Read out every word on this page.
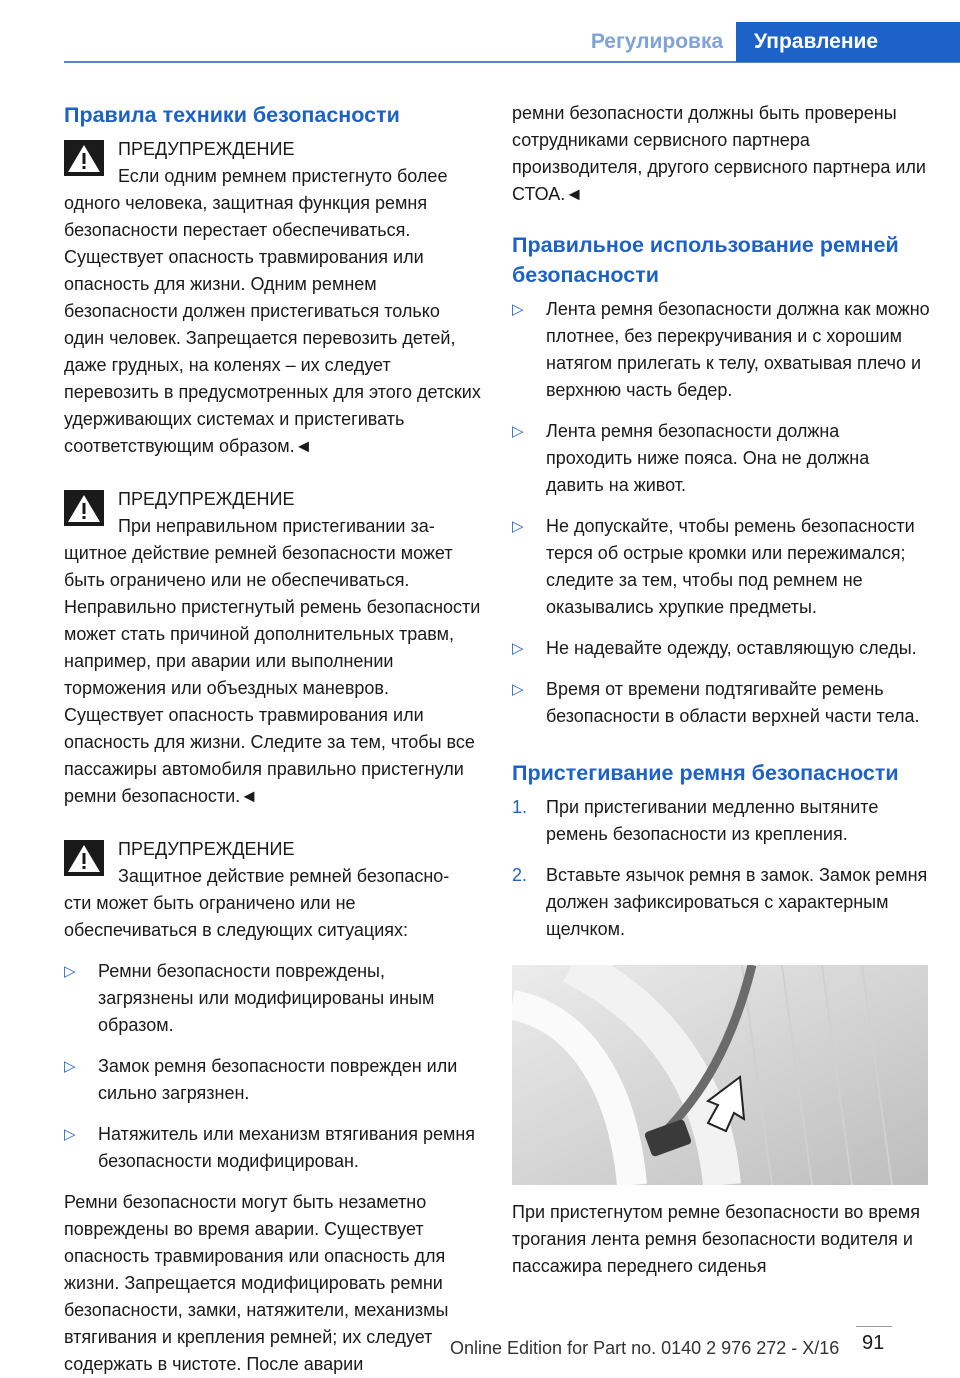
Регулировка	Управление
Правила техники безопасности
ПРЕДУПРЕЖДЕНИЕ
Если одним ремнем пристегнуто более
одного человека, защитная функция ремня безопасности перестает обеспечиваться. Существует опасность травмирования или опасность для жизни. Одним ремнем безопасности должен пристегиваться только один человек. Запрещается перевозить детей, даже грудных, на коленях – их следует перевозить в предусмотренных для этого детских удерживающих системах и пристегивать соответствующим образом.◄
ПРЕДУПРЕЖДЕНИЕ
При неправильном пристегивании за-
щитное действие ремней безопасности может быть ограничено или не обеспечиваться. Неправильно пристегнутый ремень безопасности может стать причиной дополнительных травм, например, при аварии или выполнении торможения или объездных маневров. Существует опасность травмирования или опасность для жизни. Следите за тем, чтобы все пассажиры автомобиля правильно пристегнули ремни безопасности.◄
ПРЕДУПРЕЖДЕНИЕ
Защитное действие ремней безопасно-
сти может быть ограничено или не обеспечиваться в следующих ситуациях:
▷ Ремни безопасности повреждены, загрязнены или модифицированы иным образом.
▷ Замок ремня безопасности поврежден или сильно загрязнен.
▷ Натяжитель или механизм втягивания ремня безопасности модифицирован.
Ремни безопасности могут быть незаметно повреждены во время аварии. Существует опасность травмирования или опасность для жизни. Запрещается модифицировать ремни безопасности, замки, натяжители, механизмы втягивания и крепления ремней; их следует содержать в чистоте. После аварии
ремни безопасности должны быть проверены сотрудниками сервисного партнера производителя, другого сервисного партнера или СТОА.◄
Правильное использование ремней безопасности
▷ Лента ремня безопасности должна как можно плотнее, без перекручивания и с хорошим натягом прилегать к телу, охватывая плечо и верхнюю часть бедер.
▷ Лента ремня безопасности должна проходить ниже пояса. Она не должна давить на живот.
▷ Не допускайте, чтобы ремень безопасности терся об острые кромки или пережимался; следите за тем, чтобы под ремнем не оказывались хрупкие предметы.
▷ Не надевайте одежду, оставляющую следы.
▷ Время от времени подтягивайте ремень безопасности в области верхней части тела.
Пристегивание ремня безопасности
1. При пристегивании медленно вытяните ремень безопасности из крепления.
2. Вставьте язычок ремня в замок. Замок ремня должен зафиксироваться с характерным щелчком.
При пристегнутом ремне безопасности во время трогания лента ремня безопасности водителя и пассажира переднего сиденья
91
Online Edition for Part no. 0140 2 976 272 - X/16
